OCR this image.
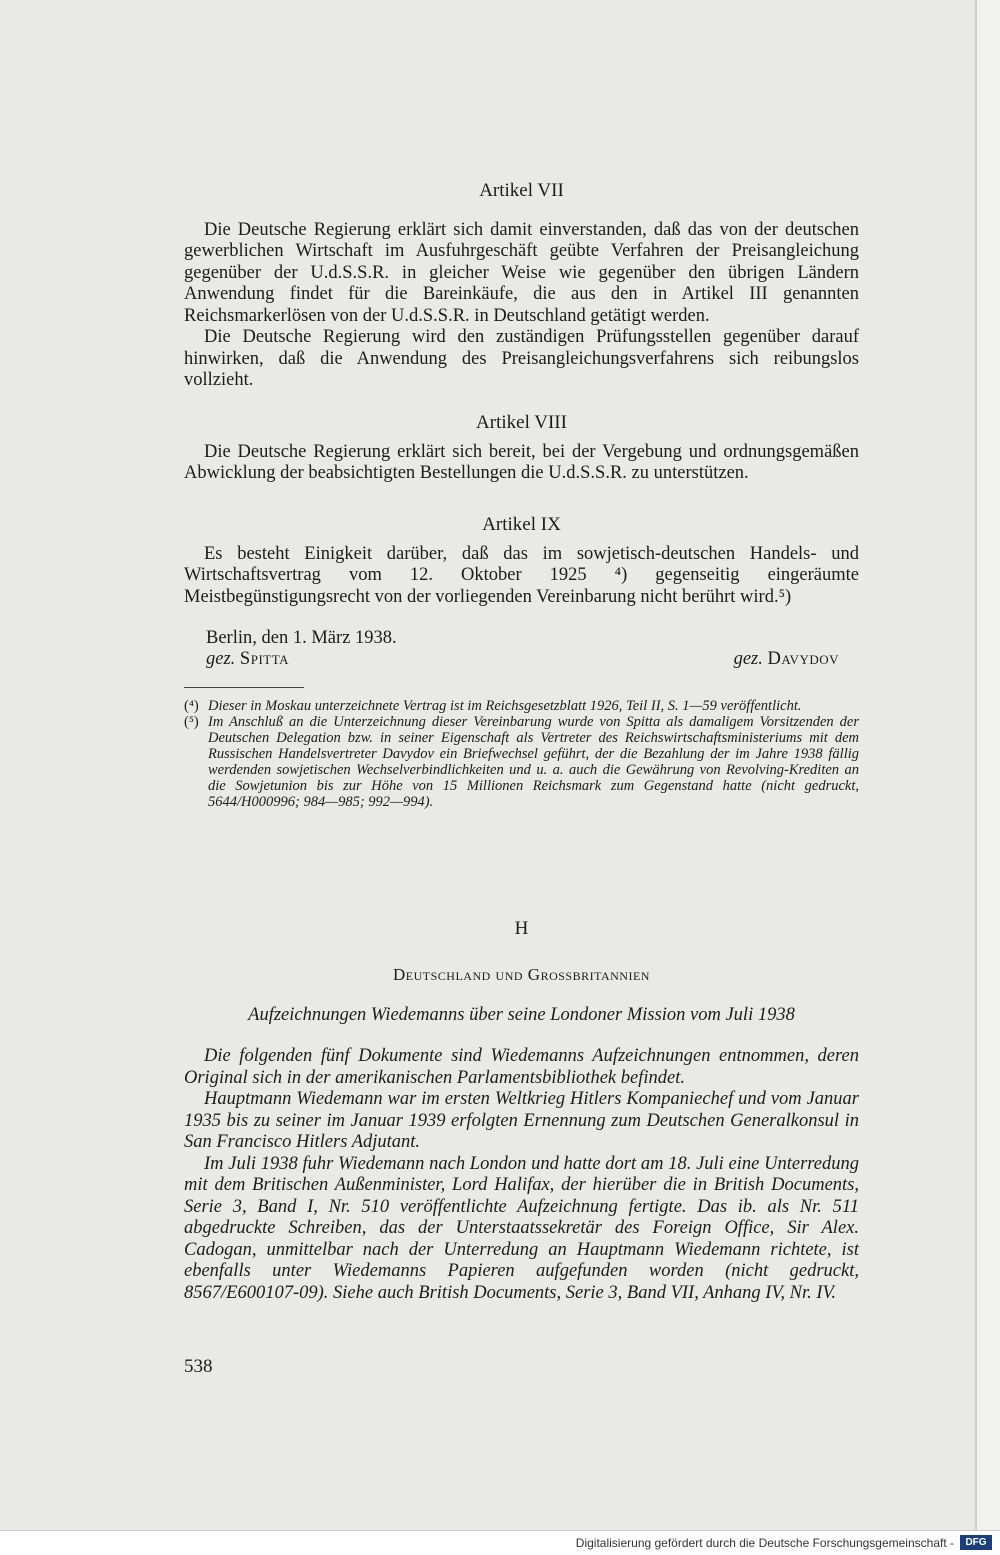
Artikel VII

Die Deutsche Regierung erklärt sich damit einverstanden, daß das von der deutschen gewerblichen Wirtschaft im Ausfuhrgeschäft geübte Verfahren der Preisangleichung gegenüber der U.d.S.S.R. in gleicher Weise wie gegenüber den übrigen Ländern Anwendung findet für die Bareinkäufe, die aus den in Artikel III genannten Reichsmarkerlösen von der U.d.S.S.R. in Deutschland getätigt werden.

Die Deutsche Regierung wird den zuständigen Prüfungsstellen gegenüber darauf hinwirken, daß die Anwendung des Preisangleichungsverfahrens sich reibungslos vollzieht.

Artikel VIII

Die Deutsche Regierung erklärt sich bereit, bei der Vergebung und ordnungsgemäßen Abwicklung der beabsichtigten Bestellungen die U.d.S.S.R. zu unterstützen.

Artikel IX

Es besteht Einigkeit darüber, daß das im sowjetisch-deutschen Handels- und Wirtschaftsvertrag vom 12. Oktober 1925 ⁴) gegenseitig eingeräumte Meistbegünstigungsrecht von der vorliegenden Vereinbarung nicht berührt wird.⁵)

Berlin, den 1. März 1938.
gez. Spitta	gez. Davydov
(⁴) Dieser in Moskau unterzeichnete Vertrag ist im Reichsgesetzblatt 1926, Teil II, S. 1—59 veröffentlicht.
(⁵) Im Anschluß an die Unterzeichnung dieser Vereinbarung wurde von Spitta als damaligem Vorsitzenden der Deutschen Delegation bzw. in seiner Eigenschaft als Vertreter des Reichswirtschaftsministeriums mit dem Russischen Handelsvertreter Davydov ein Briefwechsel geführt, der die Bezahlung der im Jahre 1938 fällig werdenden sowjetischen Wechselverbindlichkeiten und u. a. auch die Gewährung von Revolving-Krediten an die Sowjetunion bis zur Höhe von 15 Millionen Reichsmark zum Gegenstand hatte (nicht gedruckt, 5644/H000996; 984—985; 992—994).
H
Deutschland und Grossbritannien
Aufzeichnungen Wiedemanns über seine Londoner Mission vom Juli 1938

Die folgenden fünf Dokumente sind Wiedemanns Aufzeichnungen entnommen, deren Original sich in der amerikanischen Parlamentsbibliothek befindet.

Hauptmann Wiedemann war im ersten Weltkrieg Hitlers Kompaniechef und vom Januar 1935 bis zu seiner im Januar 1939 erfolgten Ernennung zum Deutschen Generalkonsul in San Francisco Hitlers Adjutant.

Im Juli 1938 fuhr Wiedemann nach London und hatte dort am 18. Juli eine Unterredung mit dem Britischen Außenminister, Lord Halifax, der hierüber die in British Documents, Serie 3, Band I, Nr. 510 veröffentlichte Aufzeichnung fertigte. Das ib. als Nr. 511 abgedruckte Schreiben, das der Unterstaatssekretär des Foreign Office, Sir Alex. Cadogan, unmittelbar nach der Unterredung an Hauptmann Wiedemann richtete, ist ebenfalls unter Wiedemanns Papieren aufgefunden worden (nicht gedruckt, 8567/E600107-09). Siehe auch British Documents, Serie 3, Band VII, Anhang IV, Nr. IV.

538
Digitalisierung gefördert durch die Deutsche Forschungsgemeinschaft -	DFG
